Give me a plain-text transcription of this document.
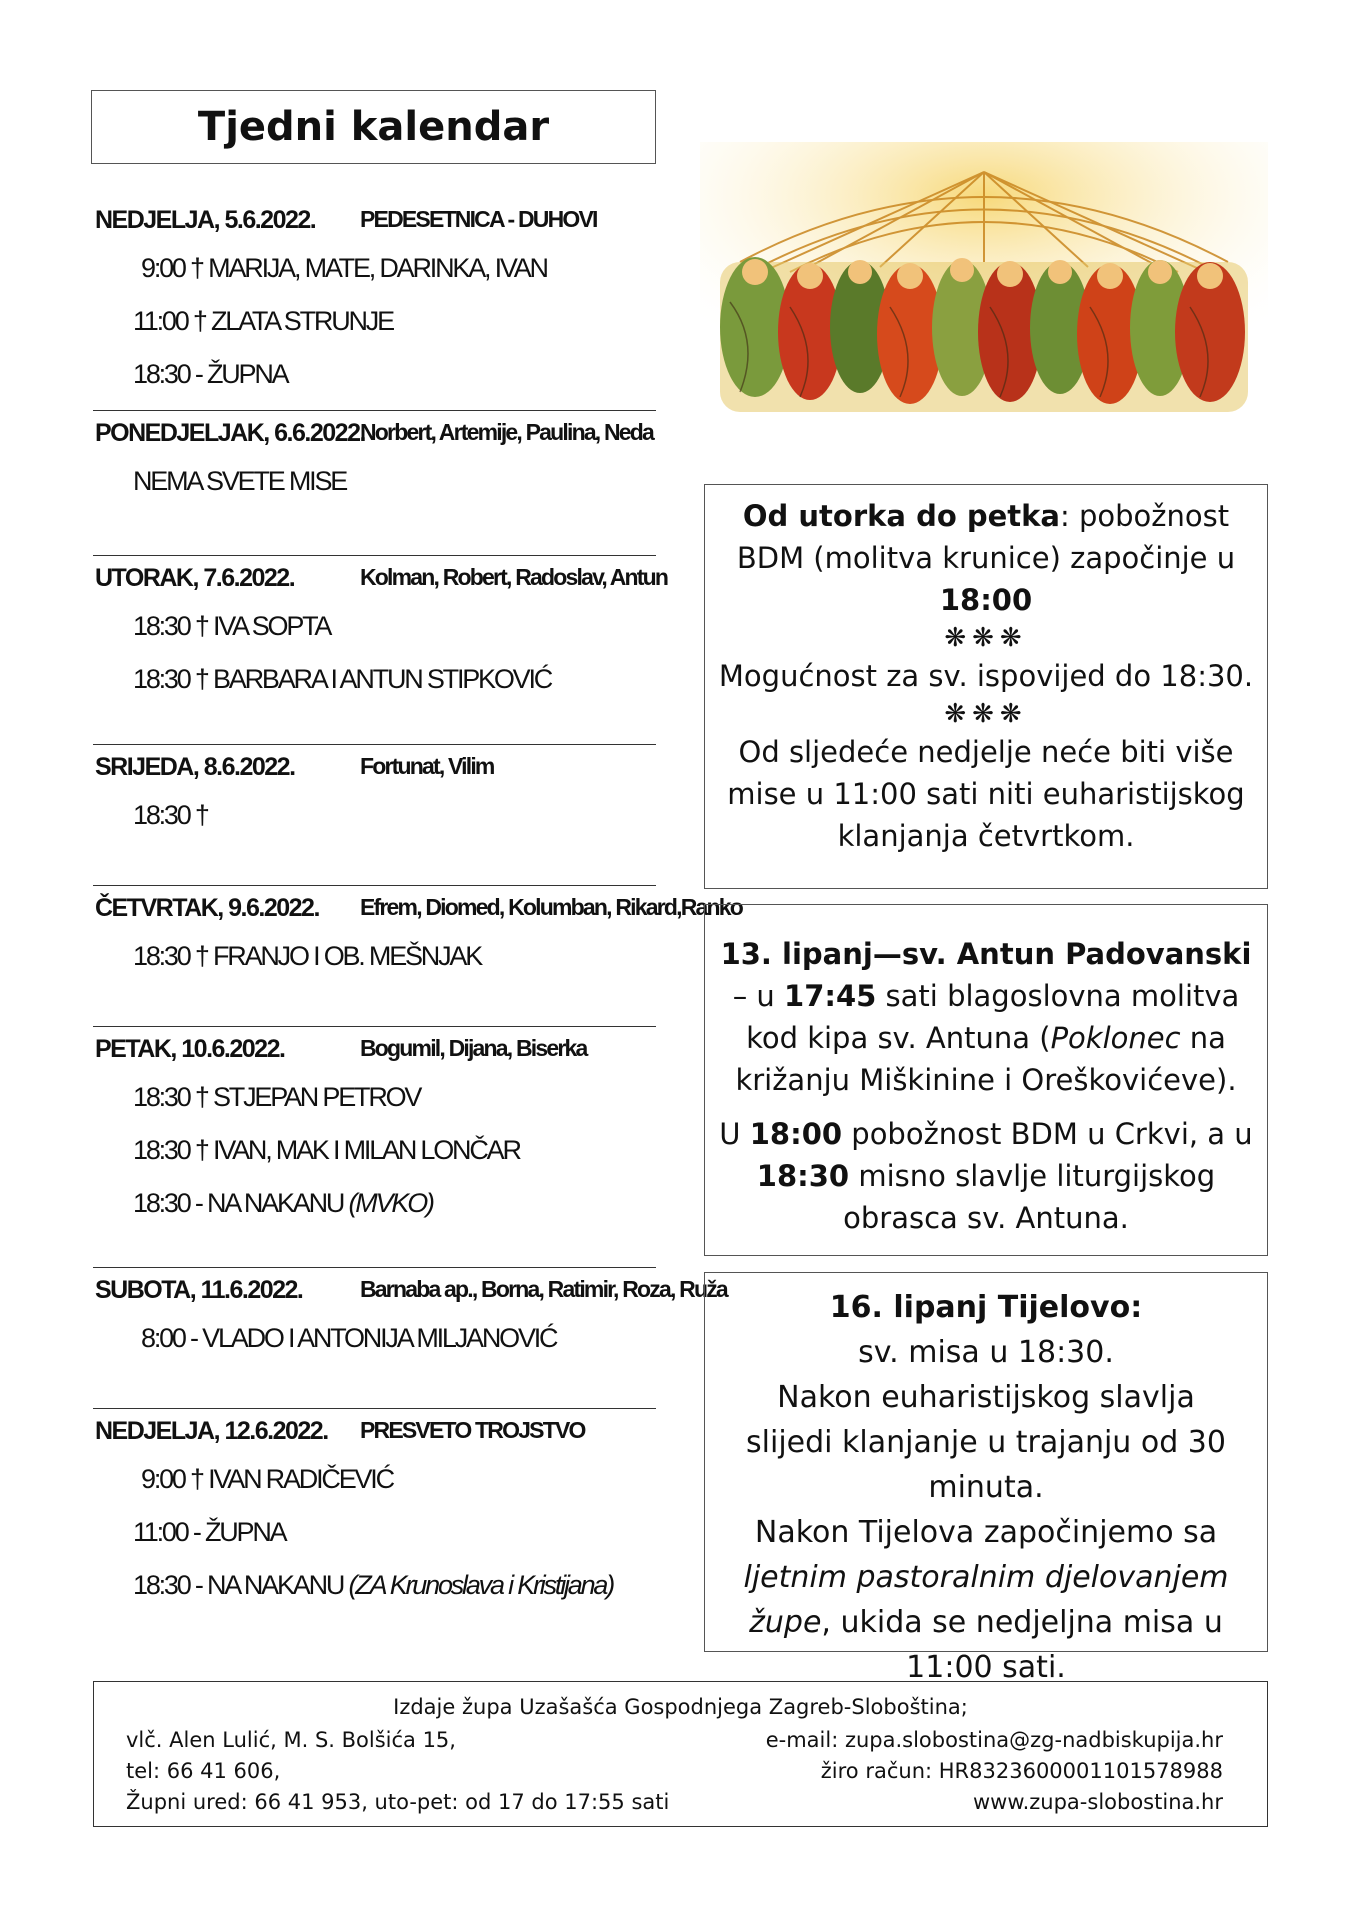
Tjedni kalendar
NEDJELJA, 5.6.2022. PEDESETNICA - DUHOVI
9:00 † MARIJA, MATE, DARINKA, IVAN
11:00 † ZLATA STRUNJE
18:30 - ŽUPNA
PONEDJELJAK, 6.6.2022.
Norbert, Artemije, Paulina, Neda
NEMA SVETE MISE
UTORAK, 7.6.2022.	Kolman, Robert, Radoslav, Antun
18:30 † IVA SOPTA
18:30 † BARBARA I ANTUN STIPKOVIĆ
SRIJEDA, 8.6.2022.	Fortunat, Vilim
18:30 †
ČETVRTAK, 9.6.2022. Efrem, Diomed, Kolumban, Rikard,Ranko
18:30 † FRANJO I OB. MEŠNJAK
PETAK, 10.6.2022.	Bogumil, Dijana, Biserka
18:30 † STJEPAN PETROV
18:30 † IVAN, MAK I MILAN LONČAR
18:30 - NA NAKANU (MVKO)
SUBOTA, 11.6.2022.	Barnaba ap., Borna, Ratimir, Roza, Ruža
8:00 - VLADO I ANTONIJA MILJANOVIĆ
NEDJELJA, 12.6.2022. PRESVETO TROJSTVO
9:00 † IVAN RADIČEVIĆ
11:00 - ŽUPNA
18:30 - NA NAKANU (ZA Krunoslava i Kristijana)

Od utorka do petka: pobožnost BDM (molitva krunice) započinje u
18:00

❋❋❋

Mogućnost za sv. ispovijed do 18:30.

❋❋❋

Od sljedeće nedjelje neće biti više mise u 11:00 sati niti euharistijskog klanjanja četvrtkom.

13. lipanj—sv. Antun Padovanski – u 17:45 sati blagoslovna molitva kod kipa sv. Antuna (Poklonec na križanju Miškinine i Oreškovićeve).

U 18:00 pobožnost BDM u Crkvi, a u 18:30 misno slavlje liturgijskog obrasca sv. Antuna.

16. lipanj Tijelovo:

sv. misa u 18:30.

Nakon euharistijskog slavlja slijedi klanjanje u trajanju od 30 minuta.

Nakon Tijelova započinjemo sa ljetnim pastoralnim djelovanjem župe, ukida se nedjeljna misa u 11:00 sati.

Izdaje župa Uzašašća Gospodnjega Zagreb-Sloboština;
vlč. Alen Lulić, M. S. Bolšića 15,
tel: 66 41 606,
Župni ured: 66 41 953, uto-pet: od 17 do 17:55 sati
e-mail: zupa.slobostina@zg-nadbiskupija.hr
žiro račun: HR8323600001101578988
www.zupa-slobostina.hr
